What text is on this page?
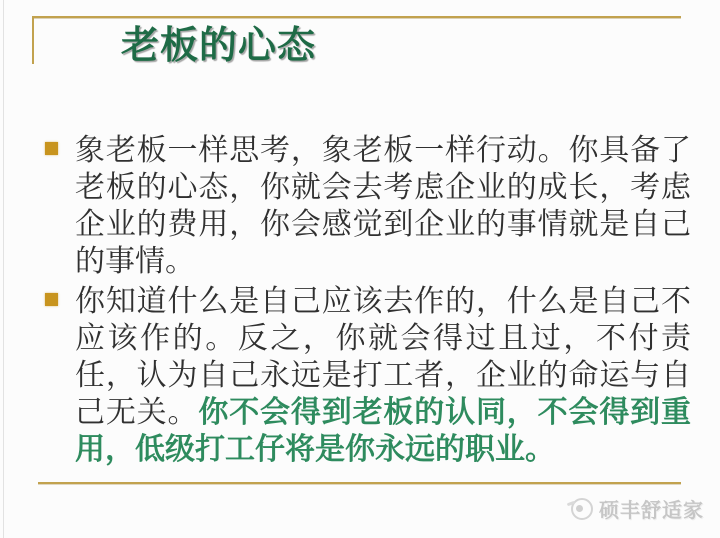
老板的心态

象老板一样思考，象老板一样行动。你具备了老板的心态，你就会去考虑企业的成长，考虑企业的费用，你会感觉到企业的事情就是自己的事情。

你知道什么是自己应该去作的，什么是自己不应该作的。反之，你就会得过且过，不付责任，认为自己永远是打工者，企业的命运与自己无关。你不会得到老板的认同，不会得到重用，低级打工仔将是你永远的职业。

硕丰舒适家
